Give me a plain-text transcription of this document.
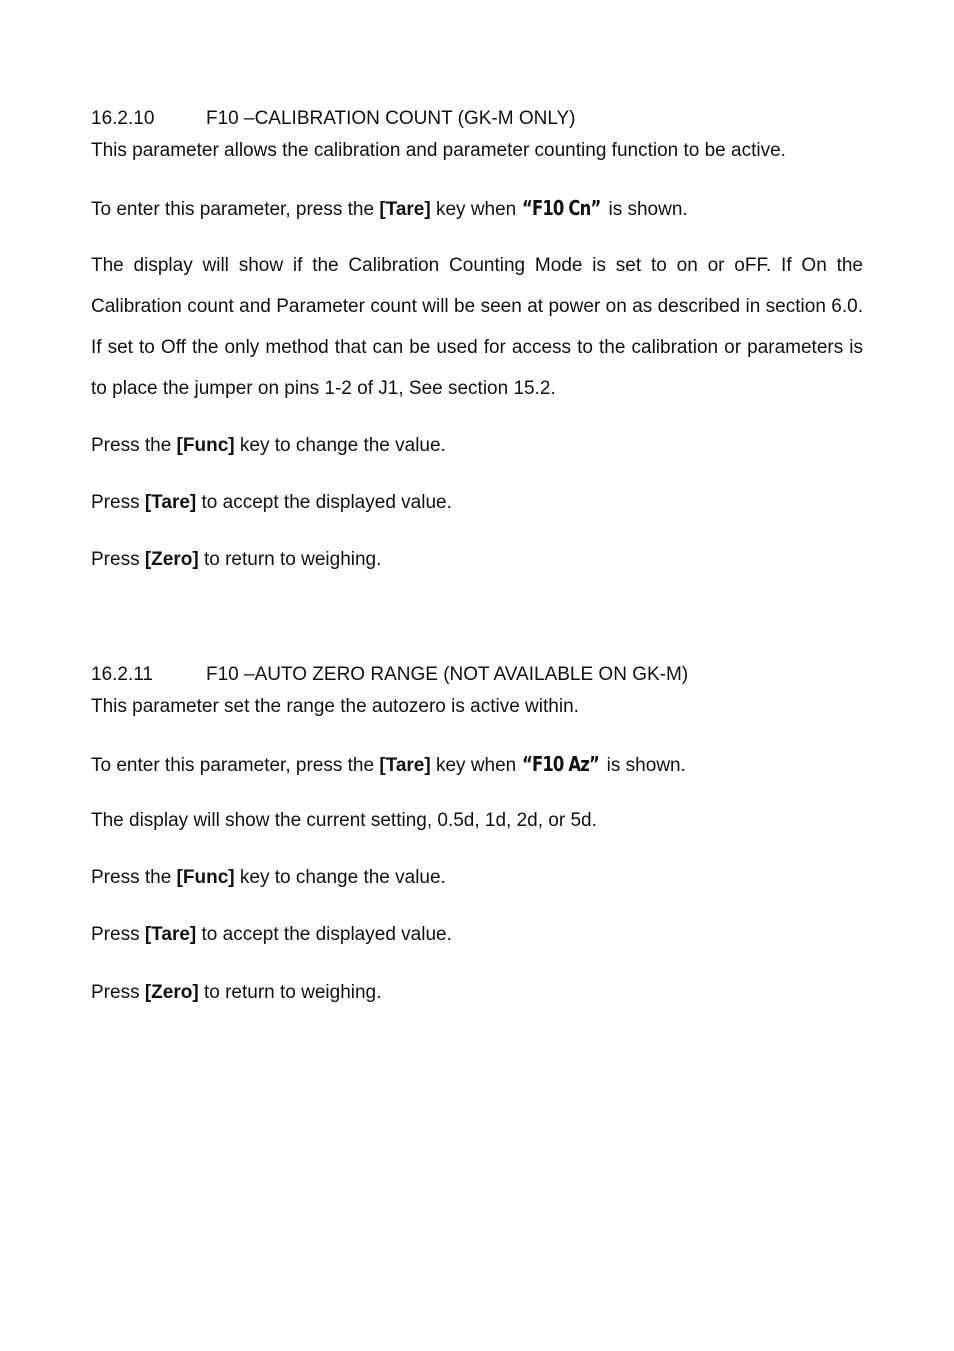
16.2.10	F10 –CALIBRATION COUNT (GK-M ONLY)
This parameter allows the calibration and parameter counting function to be active.
To enter this parameter, press the [Tare] key when “F10 Cn” is shown.
The display will show if the Calibration Counting Mode is set to on or oFF. If On the Calibration count and Parameter count will be seen at power on as described in section 6.0. If set to Off the only method that can be used for access to the calibration or parameters is to place the jumper on pins 1-2 of J1, See section 15.2.
Press the [Func] key to change the value.
Press [Tare] to accept the displayed value.
Press [Zero] to return to weighing.
16.2.11	F10 –AUTO ZERO RANGE (NOT AVAILABLE ON GK-M)
This parameter set the range the autozero is active within.
To enter this parameter, press the [Tare] key when “F10 Az” is shown.
The display will show the current setting, 0.5d, 1d, 2d, or 5d.
Press the [Func] key to change the value.
Press [Tare] to accept the displayed value.
Press [Zero] to return to weighing.
